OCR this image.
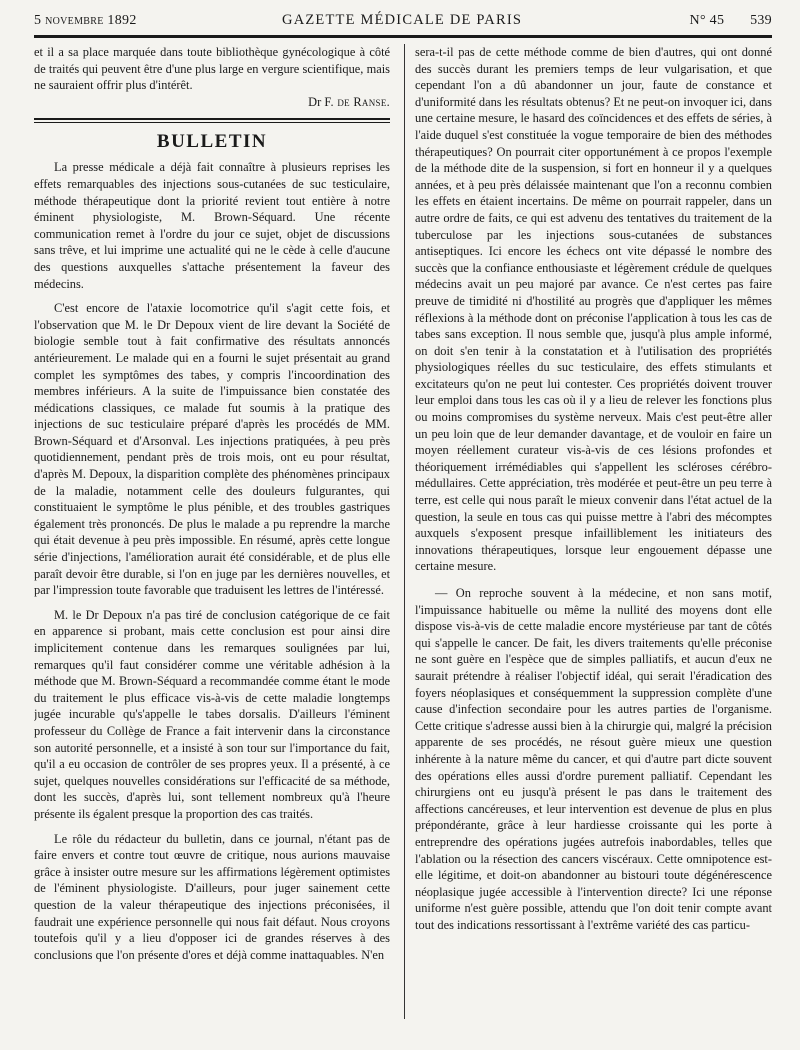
5 novembre 1892	GAZETTE MÉDICALE DE PARIS	N° 45 539

et il a sa place marquée dans toute bibliothèque gynécologique à côté de traités qui peuvent être d'une plus large en vergure scientifique, mais ne sauraient offrir plus d'intérêt.

Dr F. de Ranse.

BULLETIN

La presse médicale a déjà fait connaître à plusieurs reprises les effets remarquables des injections sous-cutanées de suc testiculaire, méthode thérapeutique dont la priorité revient tout entière à notre éminent physiologiste, M. Brown-Séquard. Une récente communication remet à l'ordre du jour ce sujet, objet de discussions sans trêve, et lui imprime une actualité qui ne le cède à celle d'aucune des questions auxquelles s'attache présentement la faveur des médecins.

C'est encore de l'ataxie locomotrice qu'il s'agit cette fois, et l'observation que M. le Dr Depoux vient de lire devant la Société de biologie semble tout à fait confirmative des résultats annoncés antérieurement. Le malade qui en a fourni le sujet présentait au grand complet les symptômes des tabes, y compris l'incoordination des membres inférieurs. A la suite de l'impuissance bien constatée des médications classiques, ce malade fut soumis à la pratique des injections de suc testiculaire préparé d'après les procédés de MM. Brown-Séquard et d'Arsonval. Les injections pratiquées, à peu près quotidiennement, pendant près de trois mois, ont eu pour résultat, d'après M. Depoux, la disparition complète des phénomènes principaux de la maladie, notamment celle des douleurs fulgurantes, qui constituaient le symptôme le plus pénible, et des troubles gastriques également très prononcés. De plus le malade a pu reprendre la marche qui était devenue à peu près impossible. En résumé, après cette longue série d'injections, l'amélioration aurait été considérable, et de plus elle paraît devoir être durable, si l'on en juge par les dernières nouvelles, et par l'impression toute favorable que traduisent les lettres de l'intéressé.

M. le Dr Depoux n'a pas tiré de conclusion catégorique de ce fait en apparence si probant, mais cette conclusion est pour ainsi dire implicitement contenue dans les remarques soulignées par lui, remarques qu'il faut considérer comme une véritable adhésion à la méthode que M. Brown-Séquard a recommandée comme étant le mode du traitement le plus efficace vis-à-vis de cette maladie longtemps jugée incurable qu's'appelle le tabes dorsalis. D'ailleurs l'éminent professeur du Collège de France a fait intervenir dans la circonstance son autorité personnelle, et a insisté à son tour sur l'importance du fait, qu'il a eu occasion de contrôler de ses propres yeux. Il a présenté, à ce sujet, quelques nouvelles considérations sur l'efficacité de sa méthode, dont les succès, d'après lui, sont tellement nombreux qu'à l'heure présente ils égalent presque la proportion des cas traités.

Le rôle du rédacteur du bulletin, dans ce journal, n'étant pas de faire envers et contre tout œuvre de critique, nous aurions mauvaise grâce à insister outre mesure sur les affirmations légèrement optimistes de l'éminent physiologiste. D'ailleurs, pour juger sainement cette question de la valeur thérapeutique des injections préconisées, il faudrait une expérience personnelle qui nous fait défaut. Nous croyons toutefois qu'il y a lieu d'opposer ici de grandes réserves à des conclusions que l'on présente d'ores et déjà comme inattaquables. N'en

sera-t-il pas de cette méthode comme de bien d'autres, qui ont donné des succès durant les premiers temps de leur vulgarisation, et que cependant l'on a dû abandonner un jour, faute de constance et d'uniformité dans les résultats obtenus? Et ne peut-on invoquer ici, dans une certaine mesure, le hasard des coïncidences et des effets de séries, à l'aide duquel s'est constituée la vogue temporaire de bien des méthodes thérapeutiques? On pourrait citer opportunément à ce propos l'exemple de la méthode dite de la suspension, si fort en honneur il y a quelques années, et à peu près délaissée maintenant que l'on a reconnu combien les effets en étaient incertains. De même on pourrait rappeler, dans un autre ordre de faits, ce qui est advenu des tentatives du traitement de la tuberculose par les injections sous-cutanées de substances antiseptiques. Ici encore les échecs ont vite dépassé le nombre des succès que la confiance enthousiaste et légèrement crédule de quelques médecins avait un peu majoré par avance. Ce n'est certes pas faire preuve de timidité ni d'hostilité au progrès que d'appliquer les mêmes réflexions à la méthode dont on préconise l'application à tous les cas de tabes sans exception. Il nous semble que, jusqu'à plus ample informé, on doit s'en tenir à la constatation et à l'utilisation des propriétés physiologiques réelles du suc testiculaire, des effets stimulants et excitateurs qu'on ne peut lui contester. Ces propriétés doivent trouver leur emploi dans tous les cas où il y a lieu de relever les fonctions plus ou moins compromises du système nerveux. Mais c'est peut-être aller un peu loin que de leur demander davantage, et de vouloir en faire un moyen réellement curateur vis-à-vis de ces lésions profondes et théoriquement irrémédiables qui s'appellent les scléroses cérébro-médullaires. Cette appréciation, très modérée et peut-être un peu terre à terre, est celle qui nous paraît le mieux convenir dans l'état actuel de la question, la seule en tous cas qui puisse mettre à l'abri des mécomptes auxquels s'exposent presque infailliblement les initiateurs des innovations thérapeutiques, lorsque leur engouement dépasse une certaine mesure.

— On reproche souvent à la médecine, et non sans motif, l'impuissance habituelle ou même la nullité des moyens dont elle dispose vis-à-vis de cette maladie encore mystérieuse par tant de côtés qui s'appelle le cancer. De fait, les divers traitements qu'elle préconise ne sont guère en l'espèce que de simples palliatifs, et aucun d'eux ne saurait prétendre à réaliser l'objectif idéal, qui serait l'éradication des foyers néoplasiques et conséquemment la suppression complète d'une cause d'infection secondaire pour les autres parties de l'organisme. Cette critique s'adresse aussi bien à la chirurgie qui, malgré la précision apparente de ses procédés, ne résout guère mieux une question inhérente à la nature même du cancer, et qui d'autre part dicte souvent des opérations elles aussi d'ordre purement palliatif. Cependant les chirurgiens ont eu jusqu'à présent le pas dans le traitement des affections cancéreuses, et leur intervention est devenue de plus en plus prépondérante, grâce à leur hardiesse croissante qui les porte à entreprendre des opérations jugées autrefois inabordables, telles que l'ablation ou la résection des cancers viscéraux. Cette omnipotence est-elle légitime, et doit-on abandonner au bistouri toute dégénérescence néoplasique jugée accessible à l'intervention directe? Ici une réponse uniforme n'est guère possible, attendu que l'on doit tenir compte avant tout des indications ressortissant à l'extrême variété des cas particu-
